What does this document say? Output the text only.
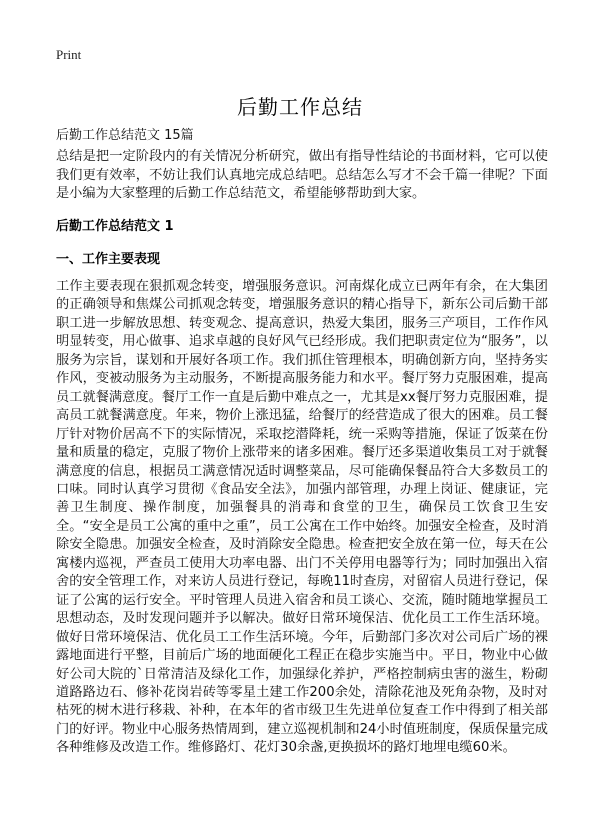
Print
后勤工作总结
后勤工作总结范文 15篇

总结是把一定阶段内的有关情况分析研究，做出有指导性结论的书面材料，它可以使我们更有效率，不妨让我们认真地完成总结吧。总结怎么写才不会千篇一律呢？下面是小编为大家整理的后勤工作总结范文，希望能够帮助到大家。

后勤工作总结范文 1
一、工作主要表现

工作主要表现在狠抓观念转变，增强服务意识。河南煤化成立已两年有余，在大集团的正确领导和焦煤公司抓观念转变，增强服务意识的精心指导下，新东公司后勤干部职工进一步解放思想、转变观念、提高意识，热爱大集团，服务三产项目，工作作风明显转变，用心做事、追求卓越的良好风气已经形成。我们把职责定位为“服务”，以服务为宗旨，谋划和开展好各项工作。我们抓住管理根本，明确创新方向，坚持务实作风，变被动服务为主动服务，不断提高服务能力和水平。餐厅努力克服困难，提高员工就餐满意度。餐厅工作一直是后勤中难点之一，尤其是xx餐厅努力克服困难，提高员工就餐满意度。年来，物价上涨迅猛，给餐厅的经营造成了很大的困难。员工餐厅针对物价居高不下的实际情况，采取挖潜降耗，统一采购等措施，保证了饭菜在份量和质量的稳定，克服了物价上涨带来的诸多困难。餐厅还多渠道收集员工对于就餐满意度的信息，根据员工满意情况适时调整菜品，尽可能确保餐品符合大多数员工的口味。同时认真学习贯彻《食品安全法》，加强内部管理，办理上岗证、健康证，完善卫生制度、操作制度，加强餐具的消毒和食堂的卫生，确保员工饮食卫生安全。“安全是员工公寓的重中之重”，员工公寓在工作中始终。加强安全检查，及时消除安全隐患。加强安全检查，及时消除安全隐患。检查把安全放在第一位，每天在公寓楼内巡视，严查员工使用大功率电器、出门不关停用电器等行为；同时加强出入宿舍的安全管理工作，对来访人员进行登记，每晚11时查房，对留宿人员进行登记，保证了公寓的运行安全。平时管理人员进入宿舍和员工谈心、交流，随时随地掌握员工思想动态，及时发现问题并予以解决。做好日常环境保洁、优化员工工作生活环境。做好日常环境保洁、优化员工工作生活环境。今年，后勤部门多次对公司后广场的裸露地面进行平整，目前后广场的地面硬化工程正在稳步实施当中。平日，物业中心做好公司大院的`日常清洁及绿化工作，加强绿化养护，严格控制病虫害的滋生，粉砌道路路边石、修补花岗岩砖等零星土建工作200余处，清除花池及死角杂物，及时对枯死的树木进行移栽、补种，在本年的省市级卫生先进单位复查工作中得到了相关部门的好评。物业中心服务热情周到，建立巡视机制和24小时值班制度，保质保量完成各种维修及改造工作。维修路灯、花灯30余盏,更换损坏的路灯地埋电缆60米。
